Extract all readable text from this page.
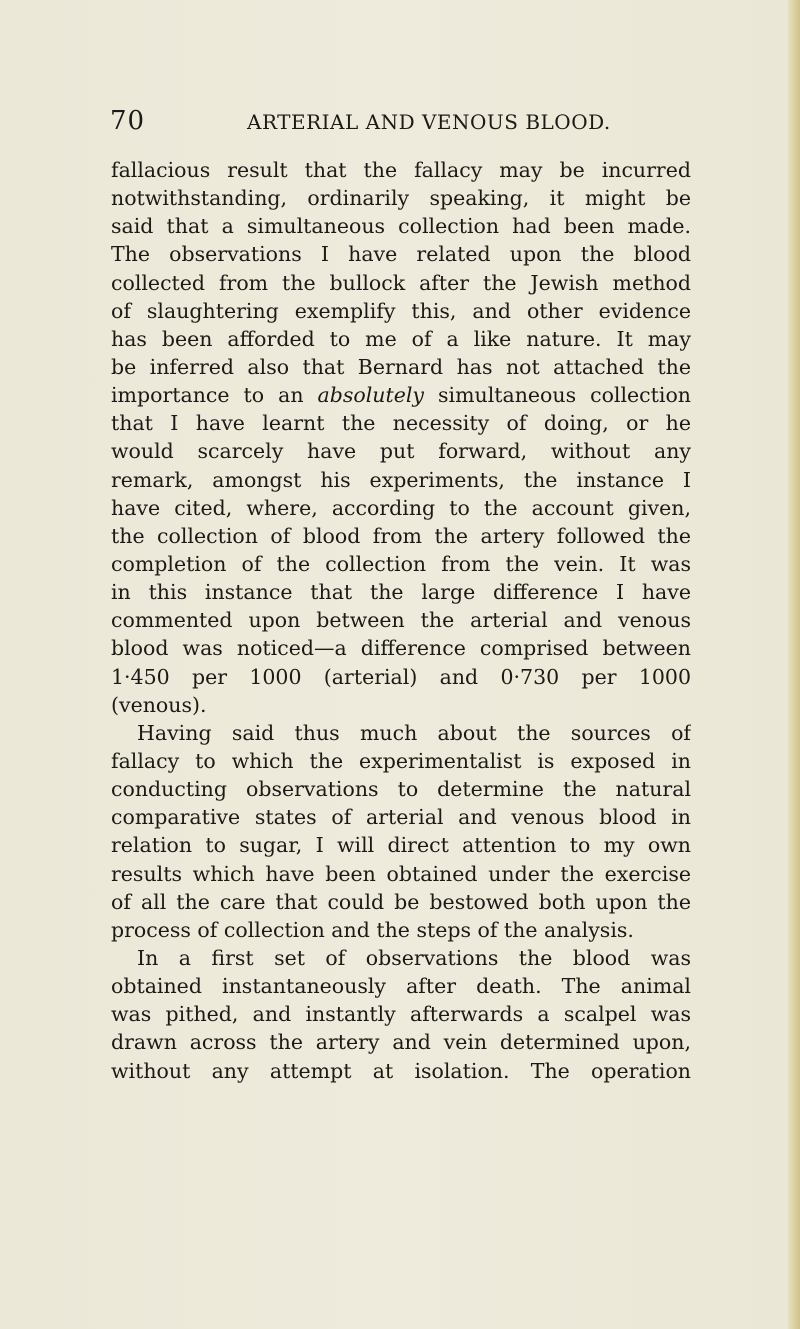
70	ARTERIAL AND VENOUS BLOOD.
fallacious result that the fallacy may be incurred
notwithstanding, ordinarily speaking, it might be
said that a simultaneous collection had been made.
The observations I have related upon the blood
collected from the bullock after the Jewish method
of slaughtering exemplify this, and other evidence
has been afforded to me of a like nature. It may
be inferred also that Bernard has not attached the
importance to an absolutely simultaneous collection
that I have learnt the necessity of doing, or he
would scarcely have put forward, without any
remark, amongst his experiments, the instance I
have cited, where, according to the account given,
the collection of blood from the artery followed the
completion of the collection from the vein. It was
in this instance that the large difference I have
commented upon between the arterial and venous
blood was noticed—a difference comprised between
1·450 per 1000 (arterial) and 0·730 per 1000
(venous).
Having said thus much about the sources of
fallacy to which the experimentalist is exposed in
conducting observations to determine the natural
comparative states of arterial and venous blood in
relation to sugar, I will direct attention to my own
results which have been obtained under the exercise
of all the care that could be bestowed both upon the
process of collection and the steps of the analysis.
In a first set of observations the blood was
obtained instantaneously after death. The animal
was pithed, and instantly afterwards a scalpel was
drawn across the artery and vein determined upon,
without any attempt at isolation. The operation
